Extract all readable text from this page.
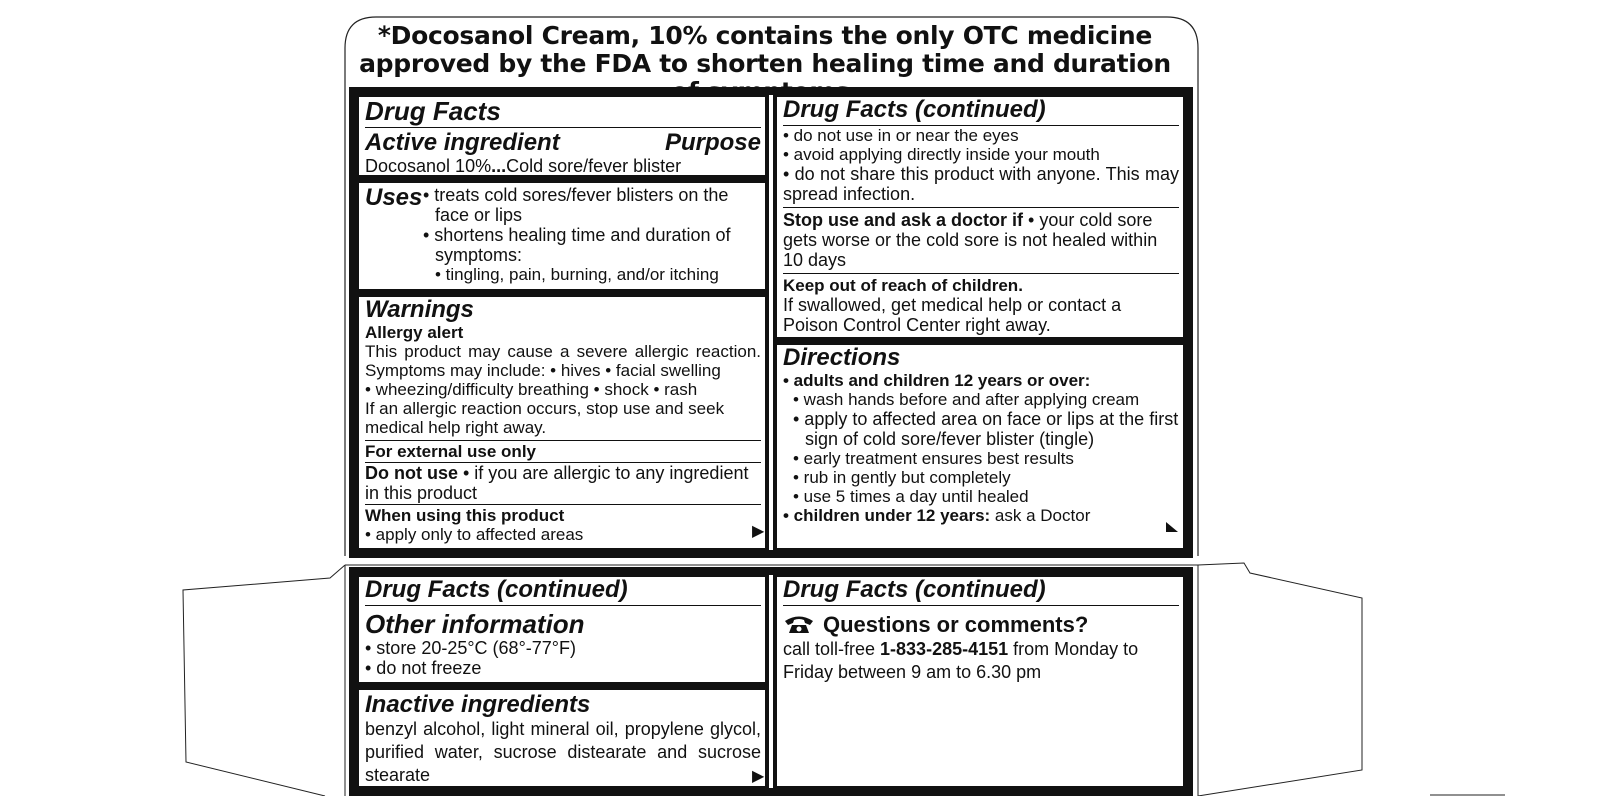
*Docosanol Cream, 10% contains the only OTC medicine approved by the FDA to shorten healing time and duration
Drug Facts
Active ingredient	Purpose
Docosanol 10%...Cold sore/fever blister
Uses • treats cold sores/fever blisters on the face or lips
• shortens healing time and duration of symptoms:
• tingling, pain, burning, and/or itching
Warnings
Allergy alert
This product may cause a severe allergic reaction. Symptoms may include: • hives • facial swelling
• wheezing/difficulty breathing • shock • rash
If an allergic reaction occurs, stop use and seek medical help right away.
For external use only
Do not use • if you are allergic to any ingredient in this product
When using this product
• apply only to affected areas	▶
Drug Facts (continued)
• do not use in or near the eyes
• avoid applying directly inside your mouth
• do not share this product with anyone. This may spread infection.
Stop use and ask a doctor if • your cold sore gets worse or the cold sore is not healed within 10 days
Keep out of reach of children.
If swallowed, get medical help or contact a Poison Control Center right away.
Directions
• adults and children 12 years or over:
• wash hands before and after applying cream
• apply to affected area on face or lips at the first sign of cold sore/fever blister (tingle)
• early treatment ensures best results
• rub in gently but completely
• use 5 times a day until healed
• children under 12 years: ask a Doctor
Drug Facts (continued)
Other information
• store 20-25°C (68°-77°F)
• do not freeze
Inactive ingredients
benzyl alcohol, light mineral oil, propylene glycol, purified water, sucrose distearate and sucrose stearate	▶
Drug Facts (continued)
Questions or comments?
call toll-free 1-833-285-4151 from Monday to Friday between 9 am to 6.30 pm
